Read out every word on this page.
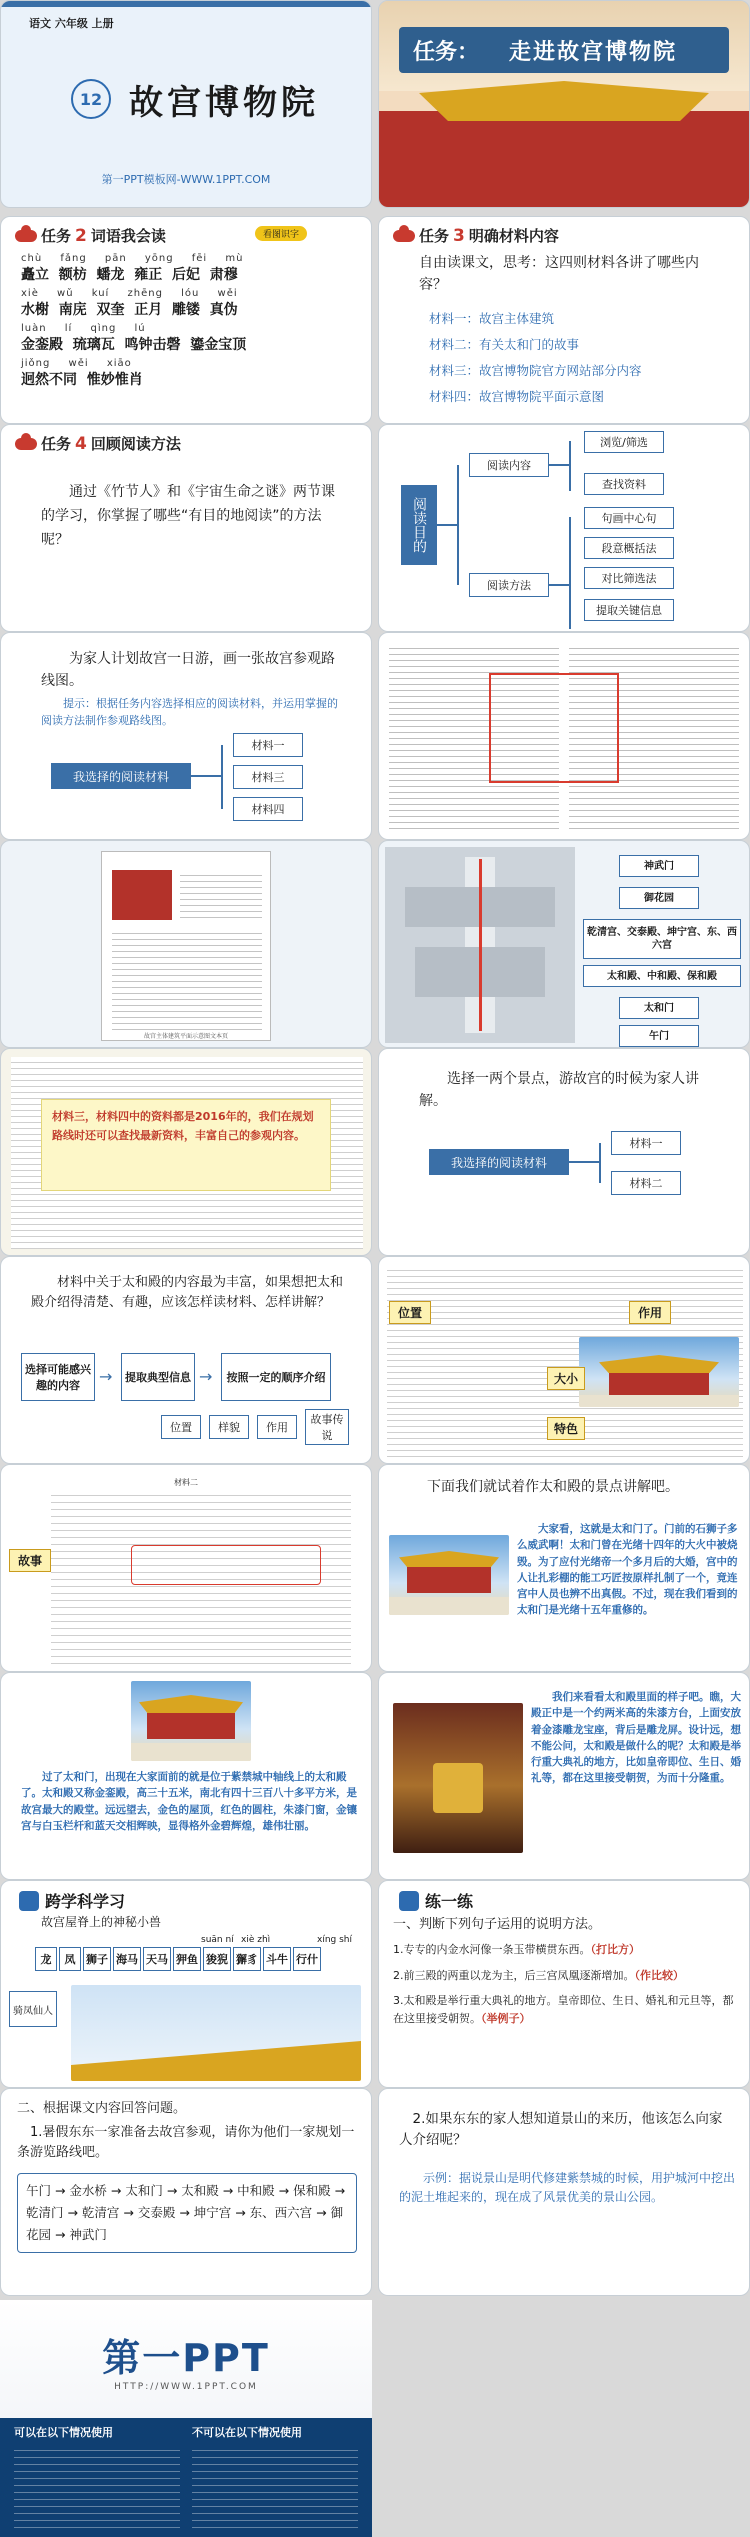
语文 六年级 上册
12 故宫博物院
第一PPT模板网-WWW.1PPT.COM
任务： 走进故宫博物院
任务 2 词语我会读	看图识字
chù fǎng pān yōng fēi mù
矗立  额枋  蟠龙  雍正  后妃  肃穆
xiè wǔ kuí zhēng lóu wěi
水榭  南庑  双奎  正月  雕镂  真伪
luàn lí qìng lú
金銮殿  琉璃瓦  鸣钟击磬  鎏金宝顶
jiǒng wěi xiāo
迥然不同  惟妙惟肖
任务 3 明确材料内容
自由读课文，思考：这四则材料各讲了哪些内容？
材料一：故宫主体建筑
材料二：有关太和门的故事
材料三：故宫博物院官方网站部分内容
材料四：故宫博物院平面示意图
任务 4 回顾阅读方法
通过《竹节人》和《宇宙生命之谜》两节课的学习，你掌握了哪些“有目的地阅读”的方法呢？	阅读目的
阅读内容
阅读方法
浏览/筛选
查找资料
句画中心句
段意概括法
对比筛选法
提取关键信息
为家人计划故宫一日游，画一张故宫参观路线图。
提示：根据任务内容选择相应的阅读材料，并运用掌握的阅读方法制作参观路线图。
我选择的阅读材料
材料一
材料三
材料四
故宫主体建筑平面示意图文本页
神武门
御花园
乾清宫、交泰殿、坤宁宫、东、西六宫
太和殿、中和殿、保和殿
太和门
午门
材料三，材料四中的资料都是2016年的，我们在规划路线时还可以查找最新资料，丰富自己的参观内容。
选择一两个景点，游故宫的时候为家人讲解。
我选择的阅读材料
材料一
材料二
材料中关于太和殿的内容最为丰富，如果想把太和殿介绍得清楚、有趣，应该怎样读材料、怎样讲解？
选择可能感兴趣的内容	→	提取典型信息 →	按照一定的顺序介绍
位置	样貌	作用
故事传说
位置	作用
大小
特色
材料二
故事
下面我们就试着作太和殿的景点讲解吧。
大家看，这就是太和门了。门前的石狮子多么威武啊！太和门曾在光绪十四年的大火中被烧毁。为了应付光绪帝一个多月后的大婚，宫中的人让扎彩棚的能工巧匠按原样扎制了一个，竟连宫中人员也辨不出真假。不过，现在我们看到的太和门是光绪十五年重修的。
过了太和门，出现在大家面前的就是位于紫禁城中轴线上的太和殿了。太和殿又称金銮殿，高三十五米，南北有四十三百八十多平方米，是故宫最大的殿堂。远远望去，金色的屋顶，红色的圆柱，朱漆门窗，金镶宫与白玉栏杆和蓝天交相辉映，显得格外金碧辉煌，雄伟壮丽。
我们来看看太和殿里面的样子吧。瞧，大殿正中是一个约两米高的朱漆方台，上面安放着金漆雕龙宝座，背后是雕龙屏。设计远，想不能公问，太和殿是做什么的呢？太和殿是举行重大典礼的地方，比如皇帝即位、生日、婚礼等，都在这里接受朝贺，为而十分隆重。
跨学科学习
故宫屋脊上的神秘小兽
龙	凤 狮子 海马 天马 狎鱼 狻猊 獬豸 斗牛 行什
suān ní xiè zhì	xíng shí
骑凤仙人
练一练
一、判断下列句子运用的说明方法。
1.专专的内金水河像一条玉带横贯东西。（打比方）
2.前三殿的两重以龙为主，后三宫凤凰逐渐增加。（作比较）
3.太和殿是举行重大典礼的地方。皇帝即位、生日、婚礼和元旦等，都在这里接受朝贺。（举例子）
二、根据课文内容回答问题。
1.暑假东东一家准备去故宫参观，请你为他们一家规划一条游览路线吧。
午门 → 金水桥 → 太和门 → 太和殿 → 中和殿 → 保和殿 → 乾清门 → 乾清宫 → 交泰殿 → 坤宁宫 → 东、西六宫 → 御花园 → 神武门
2.如果东东的家人想知道景山的来历，他该怎么向家人介绍呢？
示例：据说景山是明代修建紫禁城的时候，用护城河中挖出的泥土堆起来的，现在成了风景优美的景山公园。
第一PPT
HTTP://WWW.1PPT.COM
可以在以下情况使用	不可以在以下情况使用
